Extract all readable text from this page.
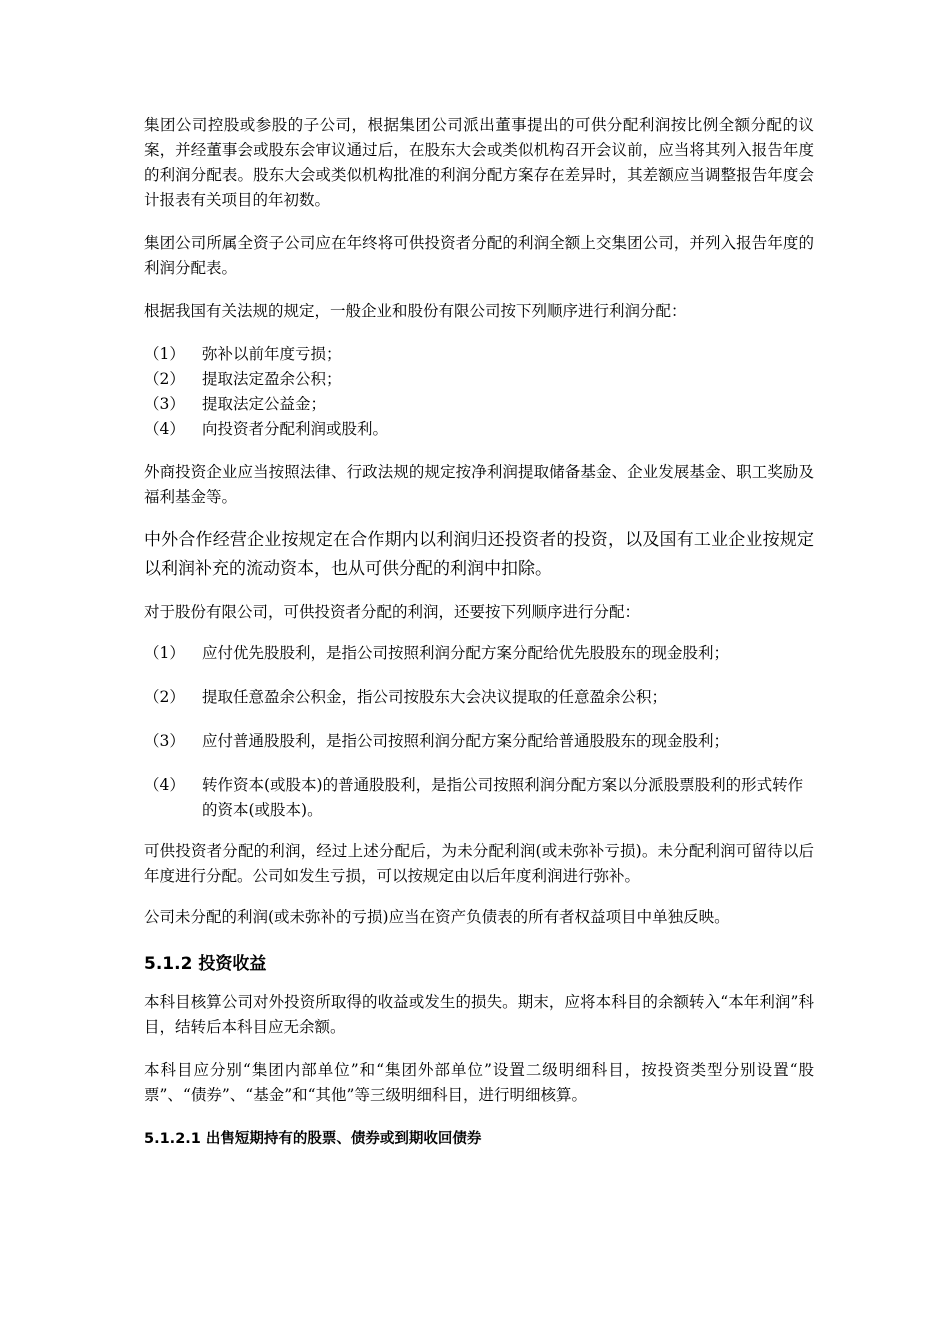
集团公司控股或参股的子公司，根据集团公司派出董事提出的可供分配利润按比例全额分配的议案，并经董事会或股东会审议通过后，在股东大会或类似机构召开会议前，应当将其列入报告年度的利润分配表。股东大会或类似机构批准的利润分配方案存在差异时，其差额应当调整报告年度会计报表有关项目的年初数。

集团公司所属全资子公司应在年终将可供投资者分配的利润全额上交集团公司，并列入报告年度的利润分配表。

根据我国有关法规的规定，一般企业和股份有限公司按下列顺序进行利润分配：

（1）	弥补以前年度亏损；
（2）	提取法定盈余公积；
（3）	提取法定公益金；
（4）	向投资者分配利润或股利。

外商投资企业应当按照法律、行政法规的规定按净利润提取储备基金、企业发展基金、职工奖励及福利基金等。

中外合作经营企业按规定在合作期内以利润归还投资者的投资，以及国有工业企业按规定以利润补充的流动资本，也从可供分配的利润中扣除。

对于股份有限公司，可供投资者分配的利润，还要按下列顺序进行分配：

（1）	应付优先股股利，是指公司按照利润分配方案分配给优先股股东的现金股利；
（2）	提取任意盈余公积金，指公司按股东大会决议提取的任意盈余公积；
（3）	应付普通股股利，是指公司按照利润分配方案分配给普通股股东的现金股利；
（4）	转作资本(或股本)的普通股股利，是指公司按照利润分配方案以分派股票股利的形式转作的资本(或股本)。

可供投资者分配的利润，经过上述分配后，为未分配利润(或未弥补亏损)。未分配利润可留待以后年度进行分配。公司如发生亏损，可以按规定由以后年度利润进行弥补。

公司未分配的利润(或未弥补的亏损)应当在资产负债表的所有者权益项目中单独反映。

5.1.2 投资收益

本科目核算公司对外投资所取得的收益或发生的损失。期末，应将本科目的余额转入“本年利润”科目，结转后本科目应无余额。

本科目应分别“集团内部单位”和“集团外部单位”设置二级明细科目，按投资类型分别设置“股票”、“债券”、“基金”和“其他”等三级明细科目，进行明细核算。

5.1.2.1 出售短期持有的股票、债券或到期收回债券
